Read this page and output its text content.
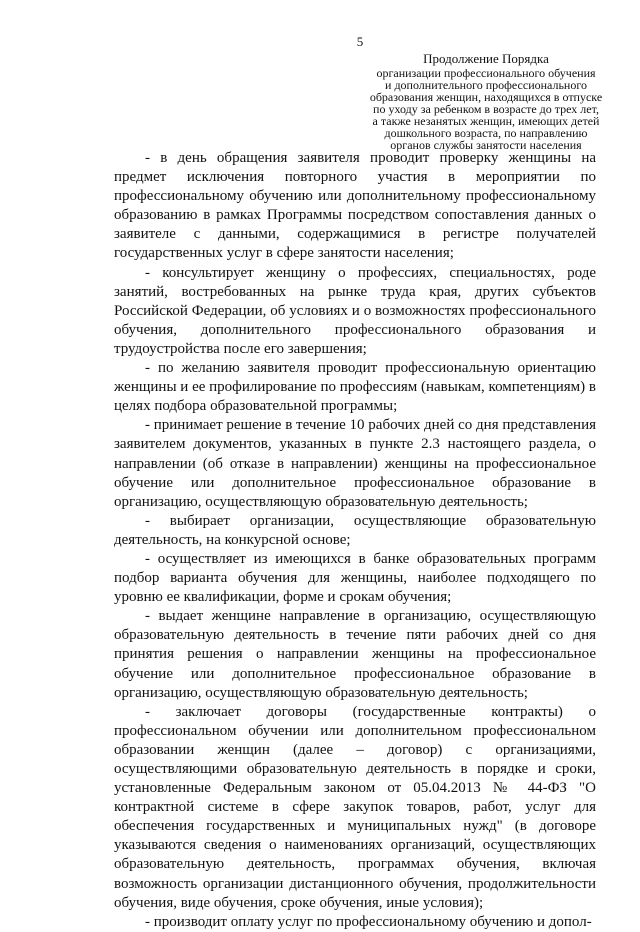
5
Продолжение Порядка
организации профессионального обучения
и дополнительного профессионального
образования женщин, находящихся в отпуске
по уходу за ребенком в возрасте до трех лет,
а также незанятых женщин, имеющих детей
дошкольного возраста, по направлению
органов службы занятости населения

- в день обращения заявителя проводит проверку женщины на предмет исключения повторного участия в мероприятии по профессиональному обучению или дополнительному профессиональному образованию в рамках Программы посредством сопоставления данных о заявителе с данными, содержащимися в регистре получателей государственных услуг в сфере занятости населения;

- консультирует женщину о профессиях, специальностях, роде занятий, востребованных на рынке труда края, других субъектов Российской Федерации, об условиях и о возможностях профессионального обучения, дополнительного профессионального образования и трудоустройства после его завершения;

- по желанию заявителя проводит профессиональную ориентацию женщины и ее профилирование по профессиям (навыкам, компетенциям) в целях подбора образовательной программы;

- принимает решение в течение 10 рабочих дней со дня представления заявителем документов, указанных в пункте 2.3 настоящего раздела, о направлении (об отказе в направлении) женщины на профессиональное обучение или дополнительное профессиональное образование в организацию, осуществляющую образовательную деятельность;

- выбирает организации, осуществляющие образовательную деятельность, на конкурсной основе;

- осуществляет из имеющихся в банке образовательных программ подбор варианта обучения для женщины, наиболее подходящего по уровню ее квалификации, форме и срокам обучения;

- выдает женщине направление в организацию, осуществляющую образовательную деятельность в течение пяти рабочих дней со дня принятия решения о направлении женщины на профессиональное обучение или дополнительное профессиональное образование в организацию, осуществляющую образовательную деятельность;

- заключает договоры (государственные контракты) о профессиональном обучении или дополнительном профессиональном образовании женщин (далее – договор) с организациями, осуществляющими образовательную деятельность в порядке и сроки, установленные Федеральным законом от 05.04.2013 № 44-ФЗ "О контрактной системе в сфере закупок товаров, работ, услуг для обеспечения государственных и муниципальных нужд" (в договоре указываются сведения о наименованиях организаций, осуществляющих образовательную деятельность, программах обучения, включая возможность организации дистанционного обучения, продолжительности обучения, виде обучения, сроке обучения, иные условия);

- производит оплату услуг по профессиональному обучению и допол-
